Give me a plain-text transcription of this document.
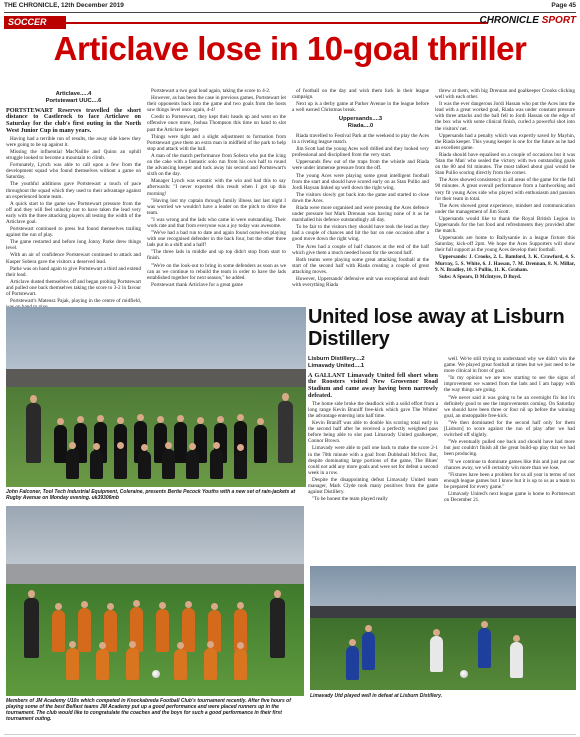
THE CHRONICLE, 12th December 2019	Page 45
SOCCER	CHRONICLE SPORT
Articlave lose in 10-goal thriller
Articlave.....4
Portstewart UUC....6

PORTSTEWART Reserves travelled the short distance to Castlerock to face Articlave on Saturday for the club's first outing in the North West Junior Cup in many years.

Having had a terrible run of results, the away side knew they were going to be up against it.

Missing the influential MacNaillie and Quinn an uphill struggle looked to become a mountain to climb.

Fortunately, Lynch was able to call upon a few from the development squad who found themselves without a game on Saturday.

The youthful additions gave Portstewart a touch of pace throughout the squad which they used to their advantage against an experienced home team.

A quick start to the game saw Portstewart pressure from the off and they will feel unlucky not to have taken the lead very early with the three attacking players all testing the width of the Articlave goal.

Portstewart continued to press but found themselves trailing against the run of play.

The game restarted and before long Jonny Parke drew things level.

With an air of confidence Portstewart continued to attack and Kasper Sobera gave the visitors a deserved lead.

Parke was on hand again to give Portstewart a third and extend their lead.

Articlave dusted themselves off and began probing Portstewart and pulled one back themselves taking the score to 3-2 in favour of Portstewart.

Portstewart's Mateusz Pajak, playing in the centre of midfield,

Portstewart a two goal lead again, taking the score to 4-2.

However, as has been the case in previous games, Portstewart let their opponents back into the game and two goals from the hosts saw things level once again, 4-4!

Credit to Portstewart, they kept their heads up and went on the offensive once more, Joshua Thompson this time on hand to slot past the Articlave keeper.

Things were tight and a slight adjustment to formation from Portstewart gave them an extra man in midfield of the park to help stop and attack with the ball.

A man of the match performance from Sobera who put the icing on the cake with a fantastic solo run from his own half to round the advancing keeper and tuck away his second and Portstewart's sixth on the day.

Manager Lynch was ecstatic with the win and had this to say afterwards: "I never expected this result when I got up this morning!

"Having lost my captain through family illness last last night I was worried we wouldn't have a leader on the pitch to drive the team.

"I was wrong and the lads who came in were outstanding. Their work rate and that from everyone was a joy today was awesome.

"We've had a bad run to date and again found ourselves playing with one recognised defender in the back four, but the other three lads put in a shift and a half!

"The three lads in middle and up top didn't stop from start to finish.

"We're on the look-out to bring in some defenders as soon as we can as we continue to rebuild the team in order to have the lads established together for next season," he added.

Portstewart thank Articlave for a great game

of football on the day and wish them luck in their league campaign.

Next up is a derby game at Parker Avenue in the league before a well earned Christmas break.

Uppersands....3
Riada....0

Riada travelled to Festival Park at the weekend to play the Aces in a riveting league match.

Jim Scott had the young Aces well drilled and they looked very professional and disciplined from the very start.

Uppersands flew out of the traps from the whistle and Riada were under immense pressure from the off.

The young Aces were playing some great intelligent football from the start and should have scored early on as Stan Pullio and Jordi Haysan linked up well down the right wing.

The visitors slowly got back into the game and started to close down the Aces.

Riada were more organised and were pressing the Aces defence under pressure but Mark Drennan was having none of it as he marshalled his defence outstandingly all day.

To be fair to the visitors they should have took the lead as they had a couple of chances and hit the bar on one occasion after a good move down the right wing.

The Aces had a couple of half chances at the end of the half which give them a much needed boost for the second half.

Both teams were playing some great attacking football at the start of the second half with Riada creating a couple of great attacking moves.

However, Uppersands' defensive unit was exceptional and dealt with everything Riada

threw at them, with big Drennan and goalkeeper Crooks clicking well with each other.

It was the ever dangerous Jordi Hassan who put the Aces into the lead with a great worked goal, Riada was under constant pressure with three attacks and the ball fell to Jordi Hassan on the edge of the box who with some clinical finish, curled a powerful shot into the visitors' net.

Uppersands had a penalty which was expertly saved by Mayhin, the Riada keeper. This young keeper is one for the future as he had an excellent game.

Riada should have equalised on a couple of occasions but it was 'Stan the Man' who sealed the victory with two outstanding goals on the 80 and 84 minutes. The most talked about goal would be Stan Pullio scoring directly from the corner.

The Aces showed consistency in all areas of the game for the full 90 minutes. A great overall performance from a hardworking and very fit young Aces side who played with enthusiasm and passion for their team in total.

The Aces showed great experience, mindset and communication under the management of Jim Scott.

Uppersands would like to thank the Royal British Legion in Uppersands for the hot food and refreshments they provided after the match.

Uppersands are home to Ballysantie in a league fixture this Saturday, kick-off 2pm. We hope the Aces Supporters will show their full support as the young Aces develop their football.

Uppersands: J. Crooks, 2. L. Bamford, 3. K. Crawford, 4. S. Murray, 5. S. White, 6. J. Hassan, 7. M. Drennan, 8. N. Millar, 9. N. Bradley, 10. S Pullio, 11. K. Graham.

Subs: A Spears, D McIntyre, D Boyd.

John Falconer, Tool Tech Industrial Equipment, Coleraine, presents Bertie Pecock Youths with a new set of rain-jackets at Rugby Avenue on Monday evening. uk39306mb
United lose away at Lisburn Distillery
Lisburn Distillery....2
Limavady United....1

A GALLANT Limavady United fell short when the Roosters visited New Grosvenor Road Stadium and came away having been narrowly defeated.

The home side broke the deadlock with a solid effort from a long range Kevin Braniff free-kick which gave The Whites' the advantage entering into half time.

Kevin Braniff was able to double his scoring total early in the second half after he received a perfectly weighted pass before being able to slot past Limavady United goalkeeper, Connor Brown.

Limavady were able to pull one back to make the score 2-1 in the 70th minute with a goal from Dubhshail McIvor. But, despite dominating large portions of the game, The Blues' could not add any more goals and were set for defeat a second week in a row.

Despite the disappointing defeat Limavady United team manager, Mark Clyde took many positives from the game against Distillery.

"To be honest the team played really

well. We're still trying to understand why we didn't win the game. We played great football at times but we just need to be more clinical in front of goal.

"In my opinion we are now starting to see the signs of improvement we wanted from the lads and I am happy with the way things are going.

"We never said it was going to be an overnight fix but it's definitely good to see the improvements coming. On Saturday we should have been three or four nil up before the winning goal, an unstoppable free-kick.

"We then dominated for the second half only for them [Lisburn] to score against the run of play after we had switched off slightly.

"We eventually pulled one back and should have had more but just couldn't finish all the great build-up play that we had been producing.

"If we continue to dominate games like this and just put our chances away, we will certainly win more than we lose.

"Fixtures have been a problem for us all year in terms of not enough league games but I know but it is up to us as a team to be prepared for every game."

Limavady United's next league game is home to Portstewart on December 21.

Members of JM Academy U10s which competed in Knockabreda Football Club's tournament recently. After five hours of playing some of the best Belfast teams JM Academy put up a good performance and were placed runners up in the tournament. The club would like to congratulate the coaches and the boys for such a good performance in their first tournament outing.
Limavady Utd played well in defeat at Lisburn Distillery.
